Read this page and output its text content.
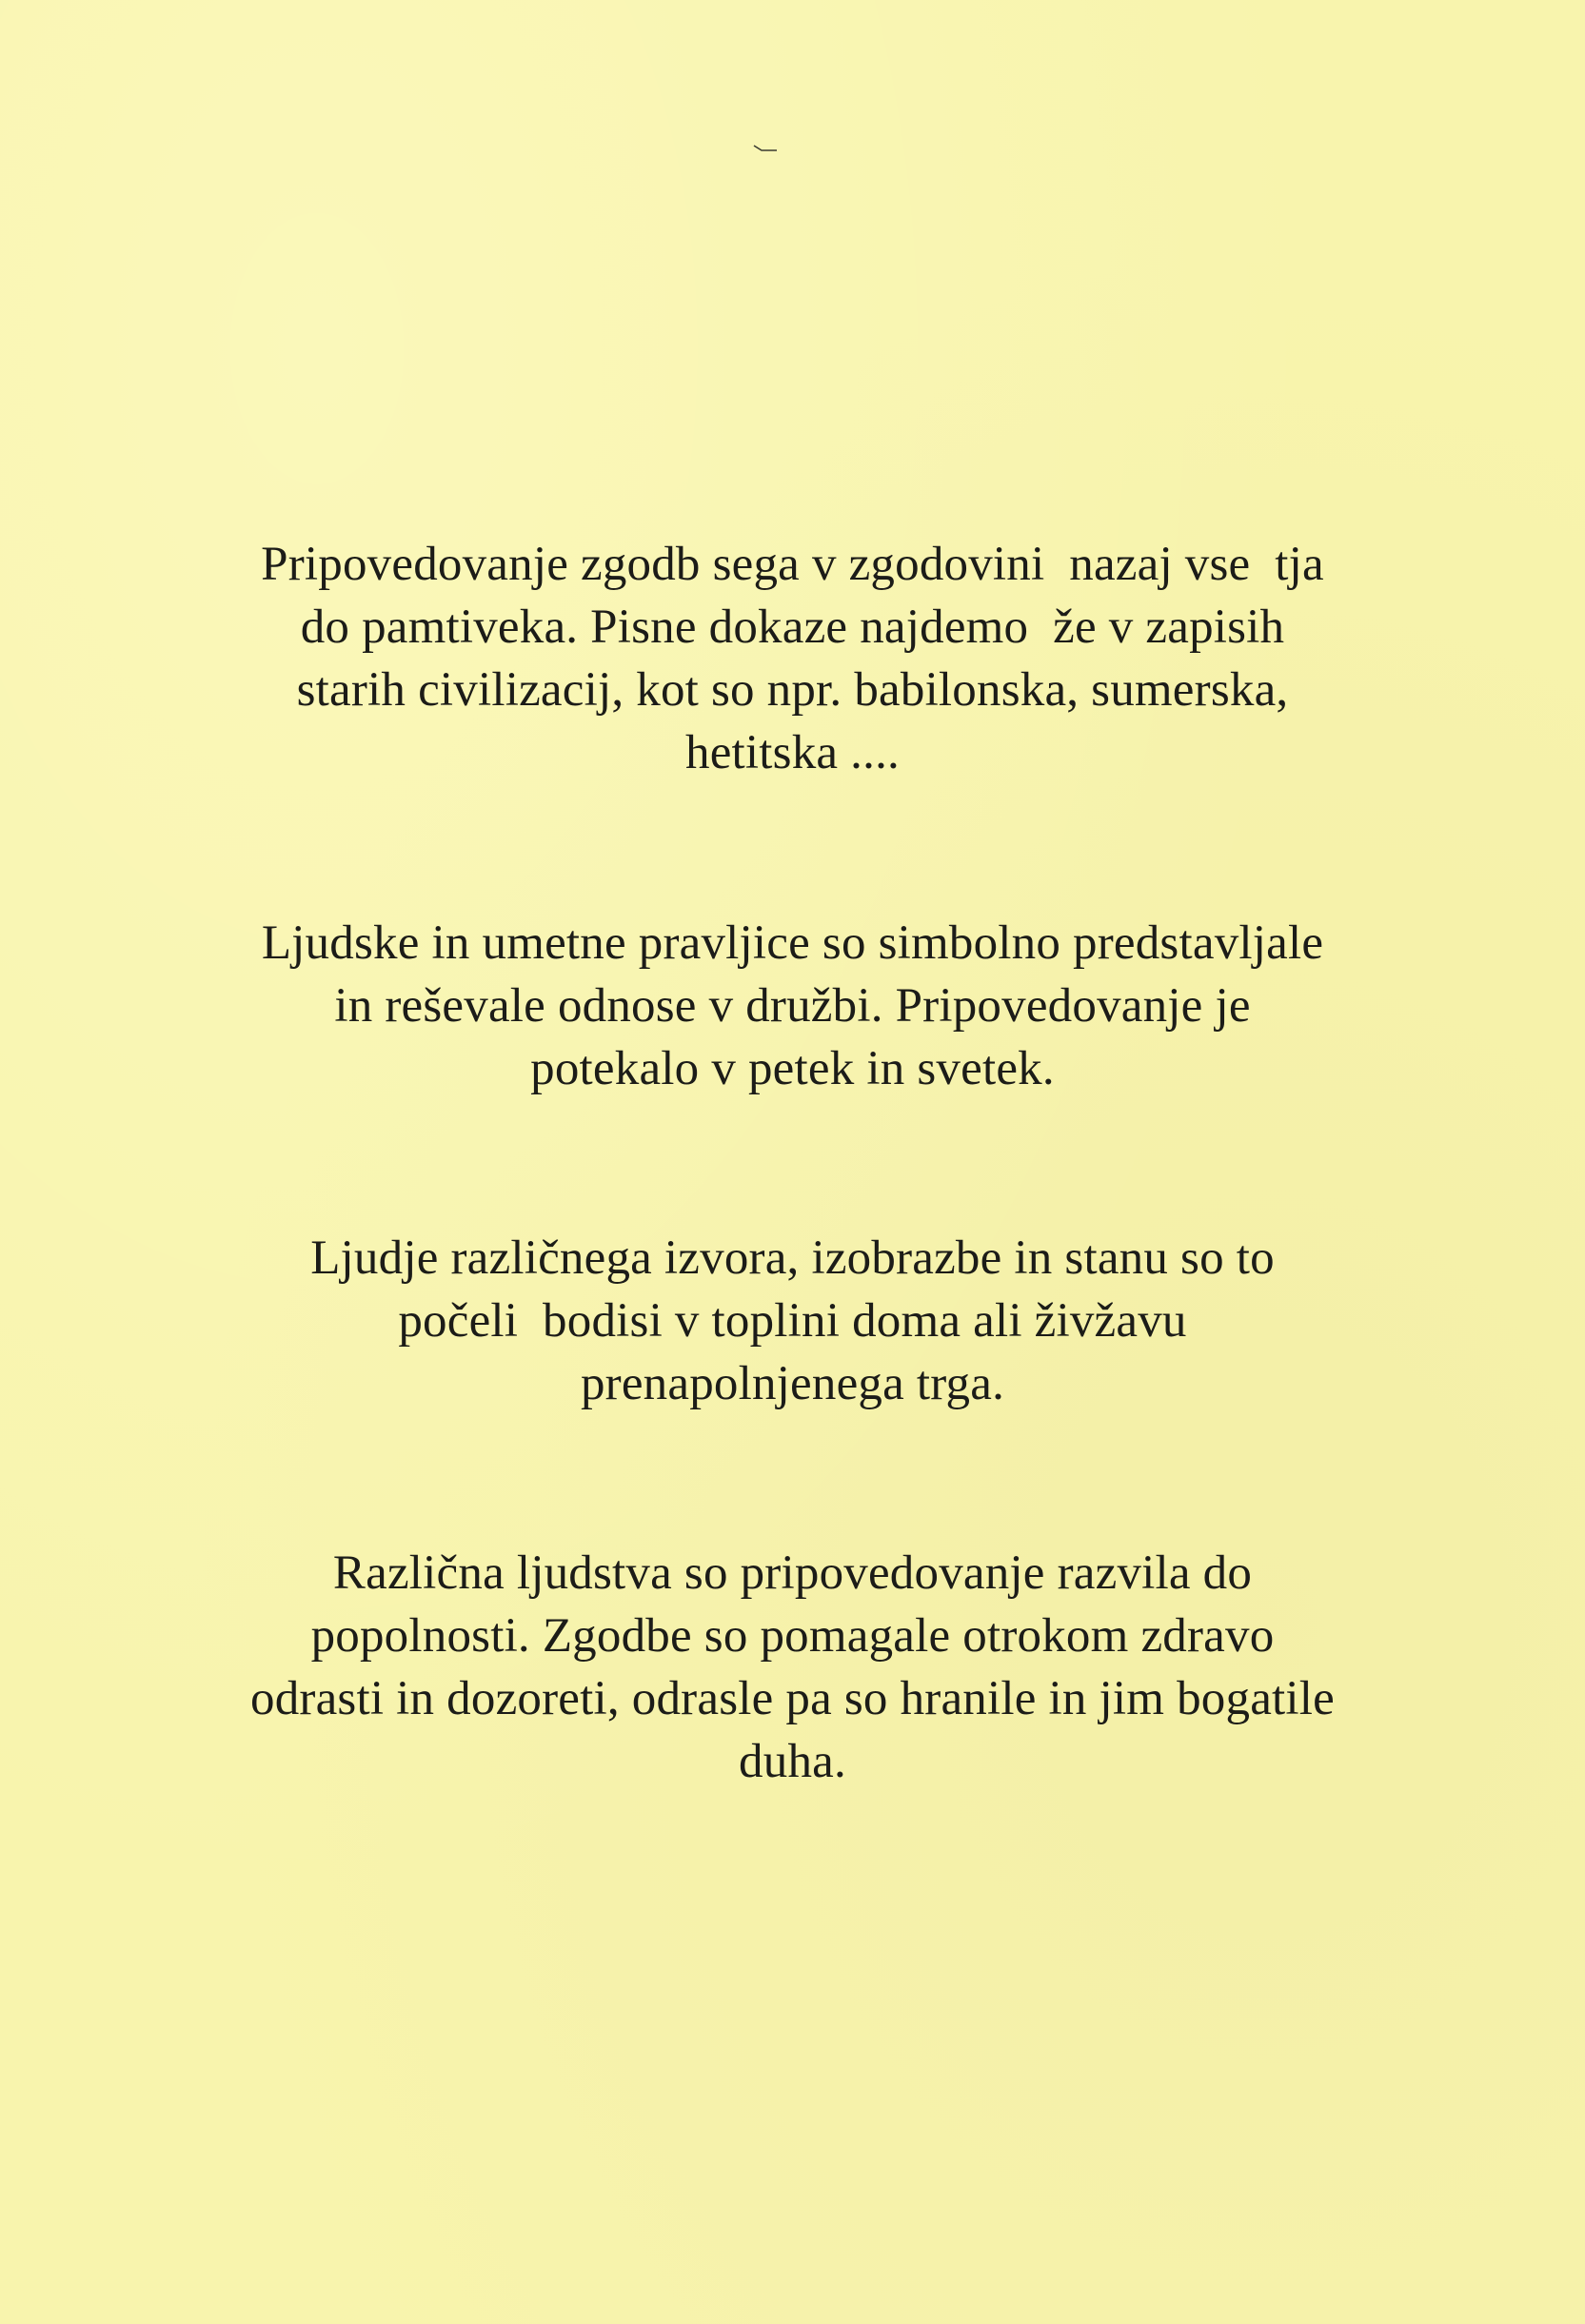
Pripovedovanje zgodb sega v zgodovini  nazaj vse  tja
do pamtiveka. Pisne dokaze najdemo  že v zapisih
starih civilizacij, kot so npr. babilonska, sumerska,
hetitska ....

Ljudske in umetne pravljice so simbolno predstavljale
in reševale odnose v družbi. Pripovedovanje je
potekalo v petek in svetek.

Ljudje različnega izvora, izobrazbe in stanu so to
počeli  bodisi v toplini doma ali živžavu
prenapolnjenega trga.

Različna ljudstva so pripovedovanje razvila do
popolnosti. Zgodbe so pomagale otrokom zdravo
odrasti in dozoreti, odrasle pa so hranile in jim bogatile
duha.
